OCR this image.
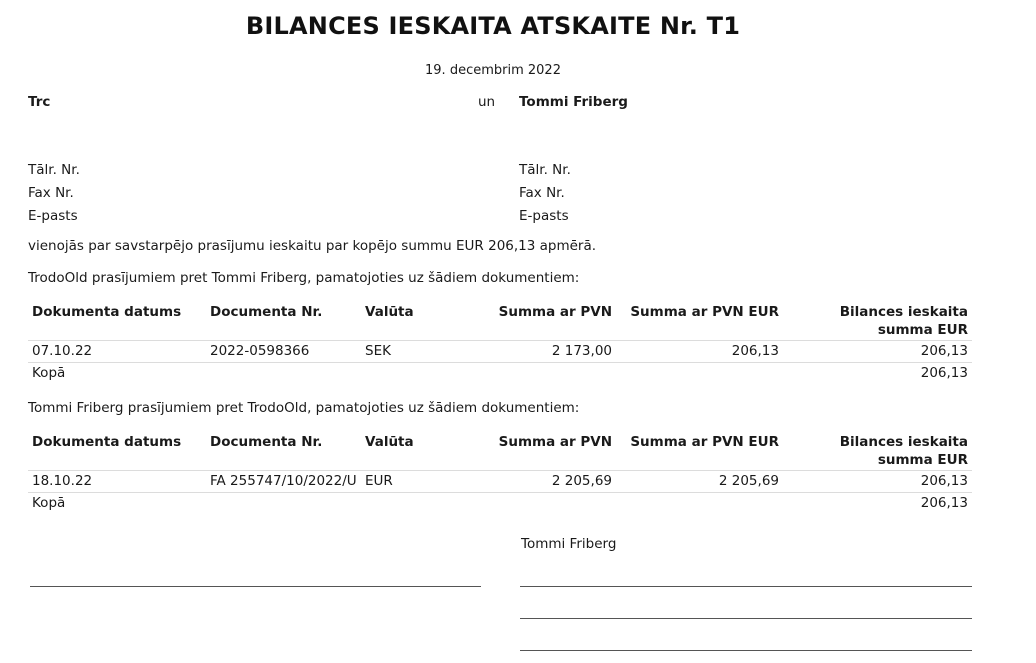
BILANCES IESKAITA ATSKAITE Nr. T1
19. decembrim 2022
Trc
Tālr. Nr.
Fax Nr.
E-pasts
un Tommi Friberg
Tālr. Nr.
Fax Nr.
E-pasts
vienojās par savstarpējo prasījumu ieskaitu par kopējo summu EUR 206,13 apmērā.
TrodoOld prasījumiem pret Tommi Friberg, pamatojoties uz šādiem dokumentiem:
Dokumenta datums	Documenta Nr.	Valūta	Summa ar PVN	Summa ar PVN EUR	Bilances ieskaita summa EUR
07.10.22	2022-0598366	SEK	2 173,00	206,13	206,13
Kopā					206,13
Tommi Friberg prasījumiem pret TrodoOld, pamatojoties uz šādiem dokumentiem:
Dokumenta datums	Documenta Nr.	Valūta	Summa ar PVN	Summa ar PVN EUR	Bilances ieskaita summa EUR
18.10.22	FA 255747/10/2022/U	EUR	2 205,69	2 205,69	206,13
Kopā					206,13
Tommi Friberg
